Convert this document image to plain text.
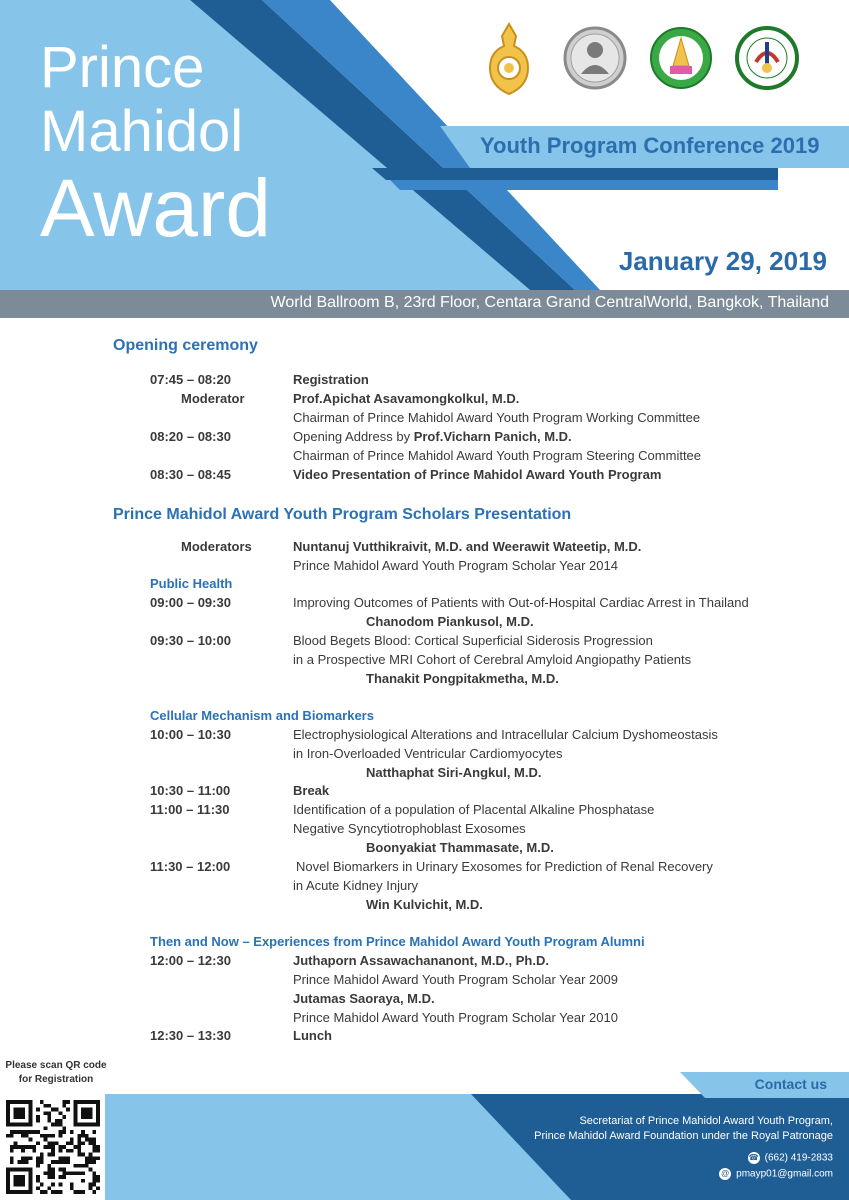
Prince
Mahidol
Award
Youth Program Conference 2019
January 29, 2019
World Ballroom B, 23rd Floor, Centara Grand CentralWorld, Bangkok, Thailand
Opening ceremony
07:45 – 08:20	Registration
Moderator	Prof.Apichat Asavamongkolkul, M.D.
Chairman of Prince Mahidol Award Youth Program Working Committee
08:20 – 08:30	Opening Address by Prof.Vicharn Panich, M.D.
Chairman of Prince Mahidol Award Youth Program Steering Committee
08:30 – 08:45	Video Presentation of Prince Mahidol Award Youth Program
Prince Mahidol Award Youth Program Scholars Presentation
Moderators	Nuntanuj Vutthikraivit, M.D. and Weerawit Wateetip, M.D.
Prince Mahidol Award Youth Program Scholar Year 2014
Public Health
09:00 – 09:30	Improving Outcomes of Patients with Out-of-Hospital Cardiac Arrest in Thailand
Chanodom Piankusol, M.D.
09:30 – 10:00	Blood Begets Blood: Cortical Superficial Siderosis Progression
in a Prospective MRI Cohort of Cerebral Amyloid Angiopathy Patients
Thanakit Pongpitakmetha, M.D.
Cellular Mechanism and Biomarkers
10:00 – 10:30	Electrophysiological Alterations and Intracellular Calcium Dyshomeostasis
in Iron-Overloaded Ventricular Cardiomyocytes
Natthaphat Siri-Angkul, M.D.
10:30 – 11:00	Break
11:00 – 11:30	Identification of a population of Placental Alkaline Phosphatase
Negative Syncytiotrophoblast Exosomes
Boonyakiat Thammasate, M.D.
11:30 – 12:00	Novel Biomarkers in Urinary Exosomes for Prediction of Renal Recovery
in Acute Kidney Injury
Win Kulvichit, M.D.
Then and Now – Experiences from Prince Mahidol Award Youth Program Alumni
12:00 – 12:30	Juthaporn Assawachananont, M.D., Ph.D.
Prince Mahidol Award Youth Program Scholar Year 2009
Jutamas Saoraya, M.D.
Prince Mahidol Award Youth Program Scholar Year 2010
12:30 – 13:30	Lunch
Please scan QR code
for Registration	Contact us
Secretariat of Prince Mahidol Award Youth Program,
Prince Mahidol Award Foundation under the Royal Patronage
☎ (662) 419-2833
@ pmayp01@gmail.com
